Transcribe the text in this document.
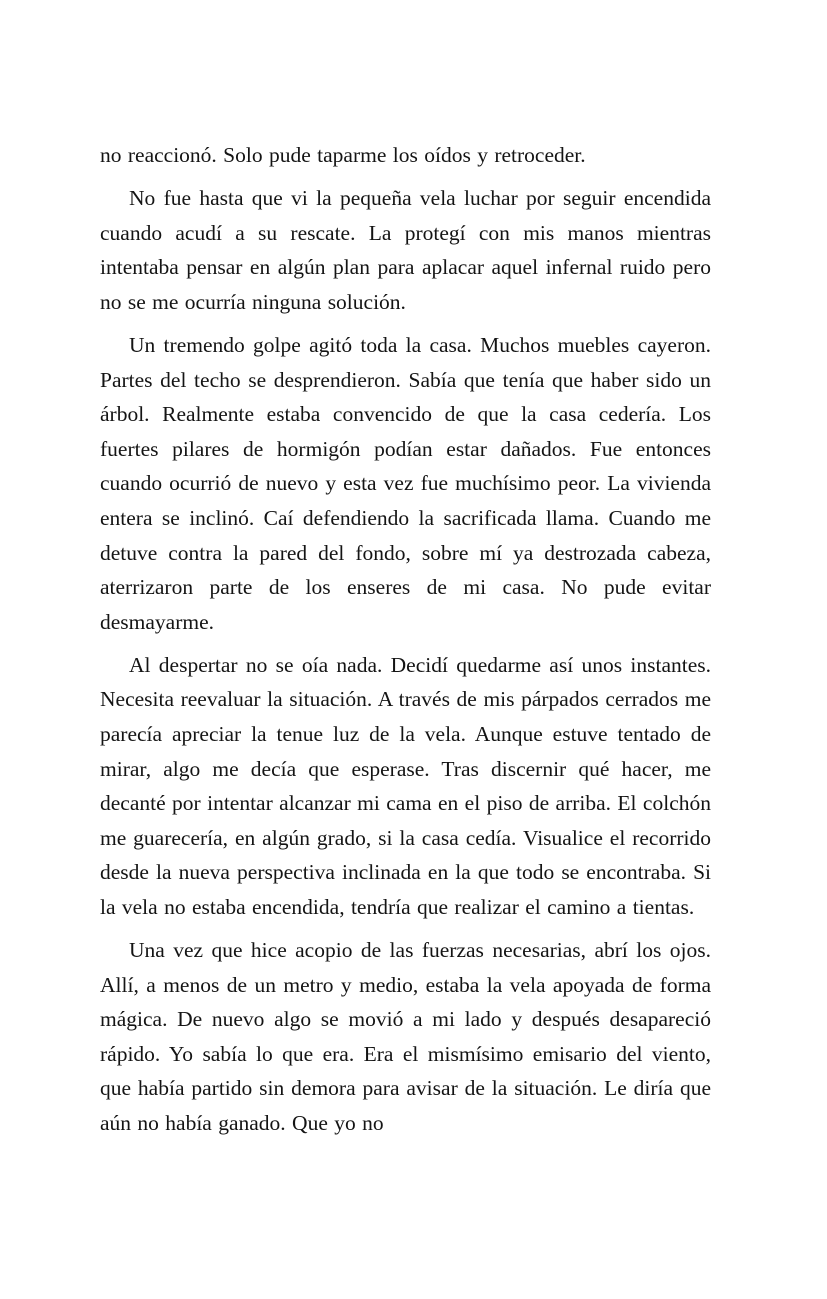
no reaccionó. Solo pude taparme los oídos y retroceder.

No fue hasta que vi la pequeña vela luchar por seguir encendida cuando acudí a su rescate. La protegí con mis manos mientras intentaba pensar en algún plan para aplacar aquel infernal ruido pero no se me ocurría ninguna solución.

Un tremendo golpe agitó toda la casa. Muchos muebles cayeron. Partes del techo se desprendieron. Sabía que tenía que haber sido un árbol. Realmente estaba convencido de que la casa cedería. Los fuertes pilares de hormigón podían estar dañados. Fue entonces cuando ocurrió de nuevo y esta vez fue muchísimo peor. La vivienda entera se inclinó. Caí defendiendo la sacrificada llama. Cuando me detuve contra la pared del fondo, sobre mí ya destrozada cabeza, aterrizaron parte de los enseres de mi casa. No pude evitar desmayarme.

Al despertar no se oía nada. Decidí quedarme así unos instantes. Necesita reevaluar la situación. A través de mis párpados cerrados me parecía apreciar la tenue luz de la vela. Aunque estuve tentado de mirar, algo me decía que esperase. Tras discernir qué hacer, me decanté por intentar alcanzar mi cama en el piso de arriba. El colchón me guarecería, en algún grado, si la casa cedía. Visualice el recorrido desde la nueva perspectiva inclinada en la que todo se encontraba. Si la vela no estaba encendida, tendría que realizar el camino a tientas.

Una vez que hice acopio de las fuerzas necesarias, abrí los ojos. Allí, a menos de un metro y medio, estaba la vela apoyada de forma mágica. De nuevo algo se movió a mi lado y después desapareció rápido. Yo sabía lo que era. Era el mismísimo emisario del viento, que había partido sin demora para avisar de la situación. Le diría que aún no había ganado. Que yo no
